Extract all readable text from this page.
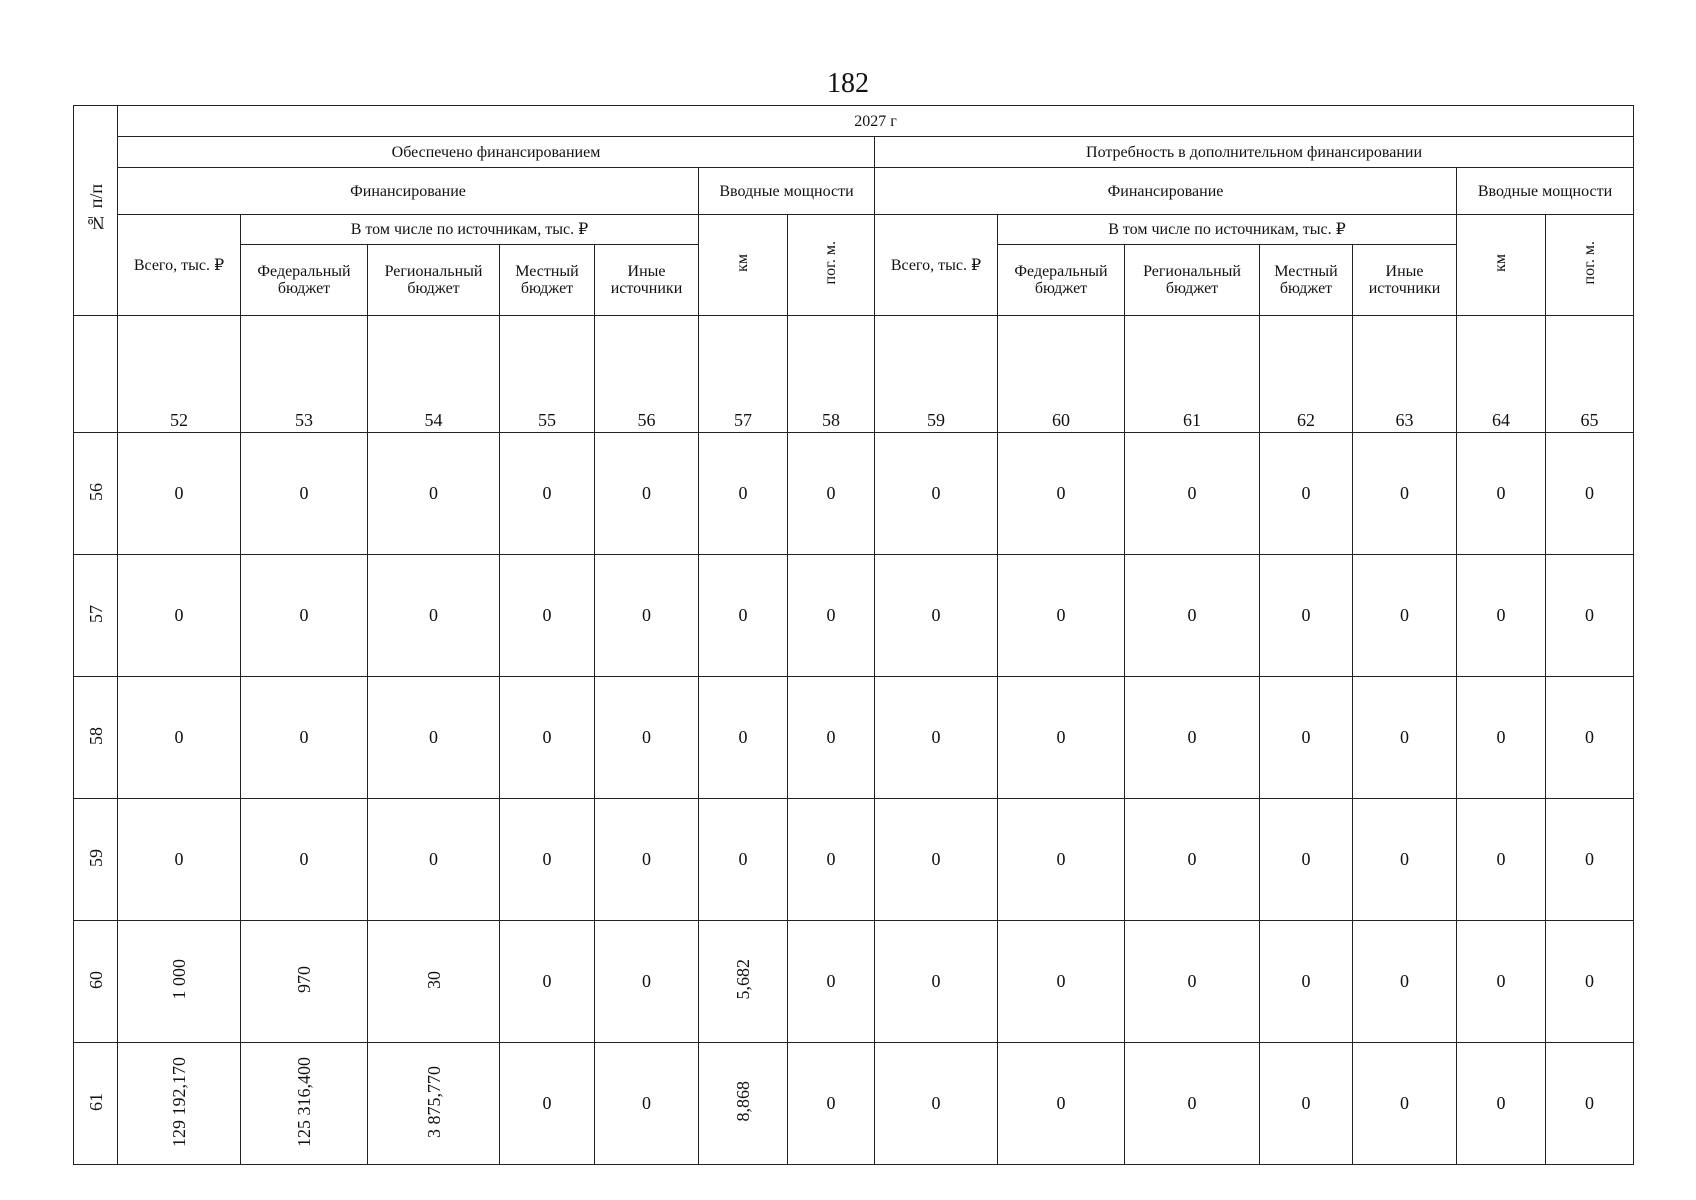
182
№ п/п	2027 г													
	Обеспечено финансированием							Потребность в дополнительном финансировании						
	Финансирование					Вводные мощности		Финансирование					Вводные мощности	
	Всего, тыс. ₽	В том числе по источникам, тыс. ₽				км	пог. м.	Всего, тыс. ₽	В том числе по источникам, тыс. ₽				км	пог. м.
		Федеральный бюджет	Региональный бюджет	Местный бюджет	Иные источники				Федеральный бюджет	Региональный бюджет	Местный бюджет	Иные источники		
	52	53	54	55	56	57	58	59	60	61	62	63	64	65
56	0	0	0	0	0	0	0	0	0	0	0	0	0	0
57	0	0	0	0	0	0	0	0	0	0	0	0	0	0
58	0	0	0	0	0	0	0	0	0	0	0	0	0	0
59	0	0	0	0	0	0	0	0	0	0	0	0	0	0
60	1 000	970	30	0	0	5,682	0	0	0	0	0	0	0	0
61	129 192,170	125 316,400	3 875,770	0	0	8,868	0	0	0	0	0	0	0	0
